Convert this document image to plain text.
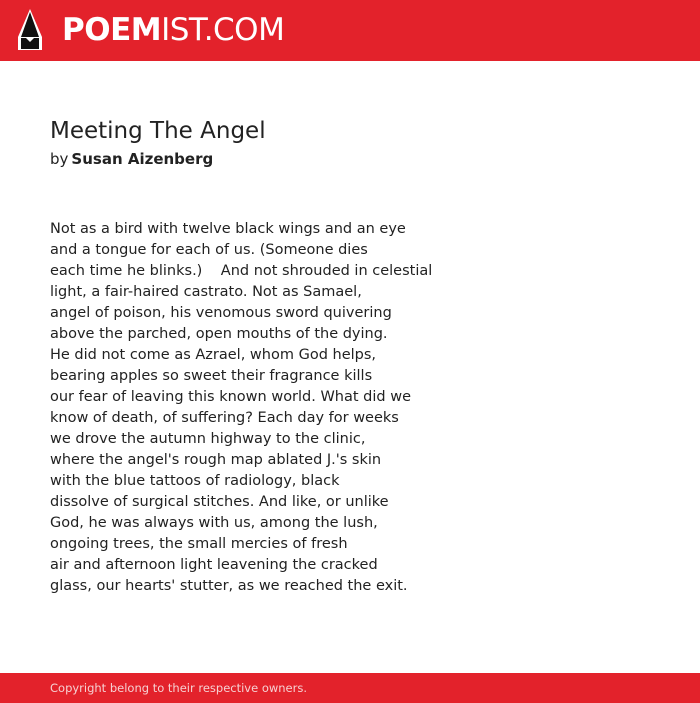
POEMIST.COM
Meeting The Angel
by Susan Aizenberg
Not as a bird with twelve black wings and an eye
and a tongue for each of us. (Someone dies
each time he blinks.)    And not shrouded in celestial
light, a fair-haired castrato. Not as Samael,
angel of poison, his venomous sword quivering
above the parched, open mouths of the dying.
He did not come as Azrael, whom God helps,
bearing apples so sweet their fragrance kills
our fear of leaving this known world. What did we
know of death, of suffering? Each day for weeks
we drove the autumn highway to the clinic,
where the angel's rough map ablated J.'s skin
with the blue tattoos of radiology, black
dissolve of surgical stitches. And like, or unlike
God, he was always with us, among the lush,
ongoing trees, the small mercies of fresh
air and afternoon light leavening the cracked
glass, our hearts' stutter, as we reached the exit.
Copyright belong to their respective owners.
